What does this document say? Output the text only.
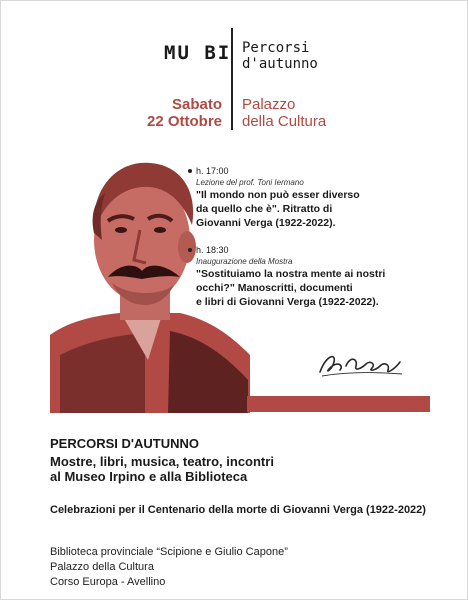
MU BI Percorsi
d'autunno
Sabato
22 Ottobre
Palazzo
della Cultura
h. 17:00
Lezione del prof. Toni Iermano
"Il mondo non può esser diverso
da quello che è". Ritratto di
Giovanni Verga (1922-2022).
h. 18:30
Inaugurazione della Mostra
"Sostituiamo la nostra mente ai nostri
occhi?" Manoscritti, documenti
e libri di Giovanni Verga (1922-2022).
PERCORSI D'AUTUNNO
Mostre, libri, musica, teatro, incontri
al Museo Irpino e alla Biblioteca
Celebrazioni per il Centenario della morte di Giovanni Verga (1922-2022)
Biblioteca provinciale “Scipione e Giulio Capone”
Palazzo della Cultura
Corso Europa - Avellino
